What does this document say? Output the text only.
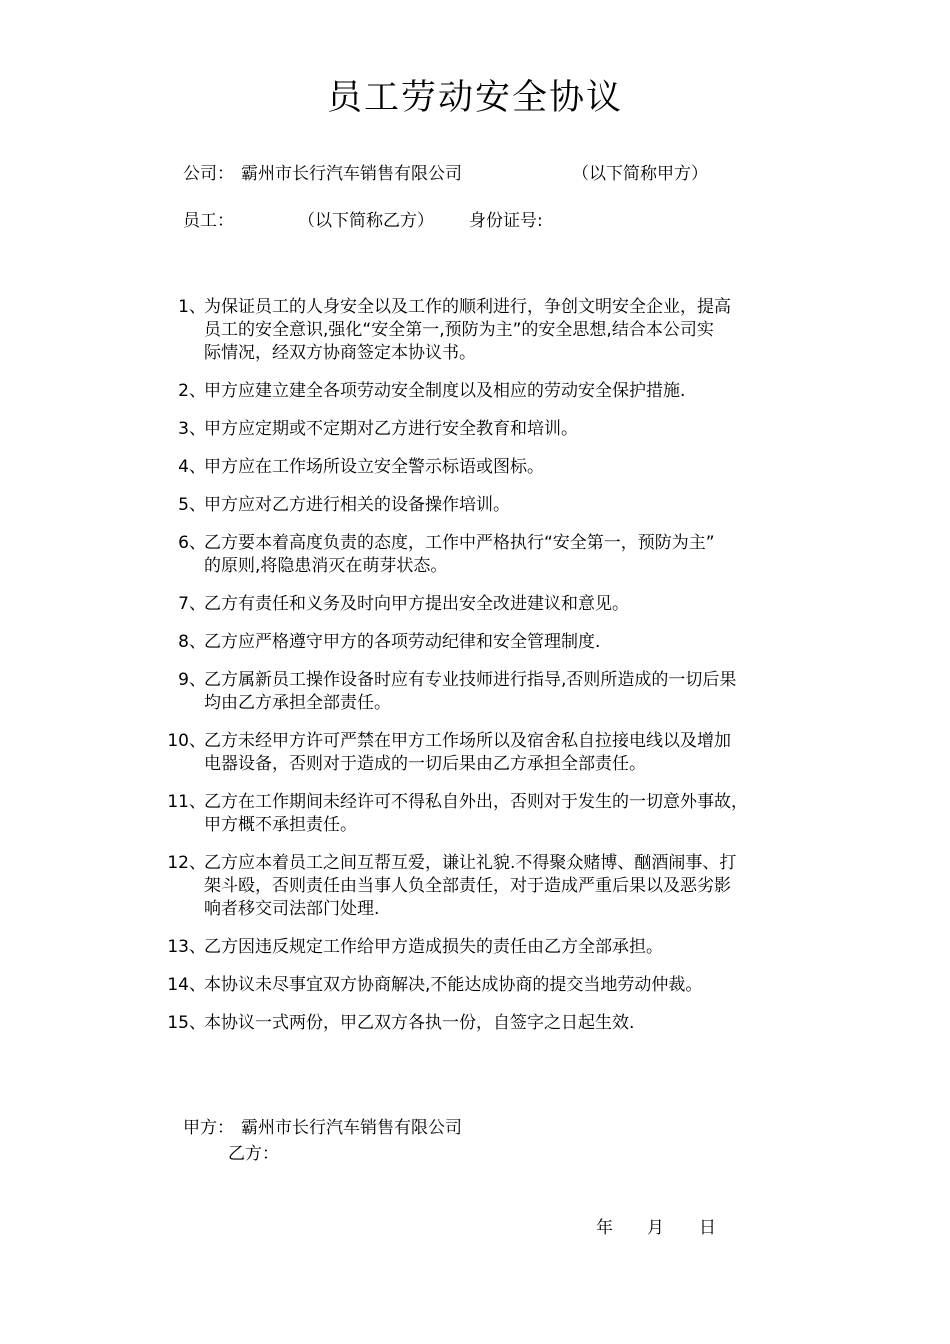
员工劳动安全协议
公司： 霸州市长行汽车销售有限公司	（以下简称甲方）
员工：	（以下简称乙方） 身份证号:
1、
为保证员工的人身安全以及工作的顺利进行，争创文明安全企业，提高
员工的安全意识,强化“安全第一,预防为主”的安全思想,结合本公司实
际情况，经双方协商签定本协议书。
2、
甲方应建立建全各项劳动安全制度以及相应的劳动安全保护措施.
3、
甲方应定期或不定期对乙方进行安全教育和培训。
4、
甲方应在工作场所设立安全警示标语或图标。
5、
甲方应对乙方进行相关的设备操作培训。
6、
乙方要本着高度负责的态度，工作中严格执行“安全第一，预防为主”
的原则,将隐患消灭在萌芽状态。
7、
乙方有责任和义务及时向甲方提出安全改进建议和意见。
8、
乙方应严格遵守甲方的各项劳动纪律和安全管理制度.
9、
乙方属新员工操作设备时应有专业技师进行指导,否则所造成的一切后果
均由乙方承担全部责任。
10、
乙方未经甲方许可严禁在甲方工作场所以及宿舍私自拉接电线以及增加
电器设备，否则对于造成的一切后果由乙方承担全部责任。
11、
乙方在工作期间未经许可不得私自外出，否则对于发生的一切意外事故，
甲方概不承担责任。
12、
乙方应本着员工之间互帮互爱，谦让礼貌.不得聚众赌博、酗酒闹事、打
架斗殴，否则责任由当事人负全部责任，对于造成严重后果以及恶劣影
响者移交司法部门处理.
13、
乙方因违反规定工作给甲方造成损失的责任由乙方全部承担。
14、
本协议未尽事宜双方协商解决,不能达成协商的提交当地劳动仲裁。
15、
本协议一式两份，甲乙双方各执一份，自签字之日起生效.
甲方： 霸州市长行汽车销售有限公司
乙方：
年 月 日
